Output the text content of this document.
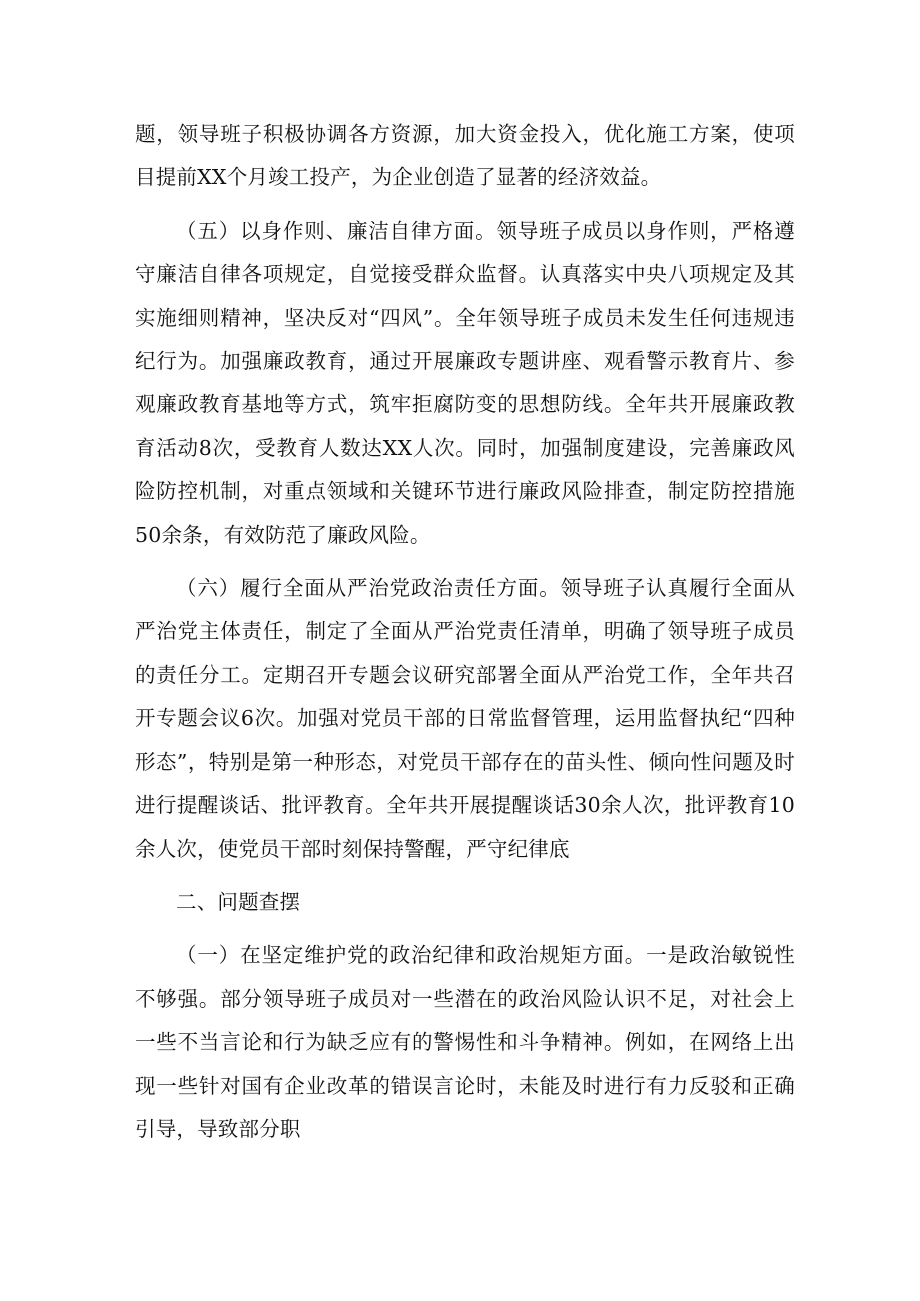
题，领导班子积极协调各方资源，加大资金投入，优化施工方案，使项目提前XX个月竣工投产，为企业创造了显著的经济效益。

（五）以身作则、廉洁自律方面。领导班子成员以身作则，严格遵守廉洁自律各项规定，自觉接受群众监督。认真落实中央八项规定及其实施细则精神，坚决反对“四风”。全年领导班子成员未发生任何违规违纪行为。加强廉政教育，通过开展廉政专题讲座、观看警示教育片、参观廉政教育基地等方式，筑牢拒腐防变的思想防线。全年共开展廉政教育活动8次，受教育人数达XX人次。同时，加强制度建设，完善廉政风险防控机制，对重点领域和关键环节进行廉政风险排查，制定防控措施50余条，有效防范了廉政风险。

（六）履行全面从严治党政治责任方面。领导班子认真履行全面从严治党主体责任，制定了全面从严治党责任清单，明确了领导班子成员的责任分工。定期召开专题会议研究部署全面从严治党工作，全年共召开专题会议6次。加强对党员干部的日常监督管理，运用监督执纪“四种形态”，特别是第一种形态，对党员干部存在的苗头性、倾向性问题及时进行提醒谈话、批评教育。全年共开展提醒谈话30余人次，批评教育10余人次，使党员干部时刻保持警醒，严守纪律底

二、问题查摆

（一）在坚定维护党的政治纪律和政治规矩方面。一是政治敏锐性不够强。部分领导班子成员对一些潜在的政治风险认识不足，对社会上一些不当言论和行为缺乏应有的警惕性和斗争精神。例如，在网络上出现一些针对国有企业改革的错误言论时，未能及时进行有力反驳和正确引导，导致部分职
